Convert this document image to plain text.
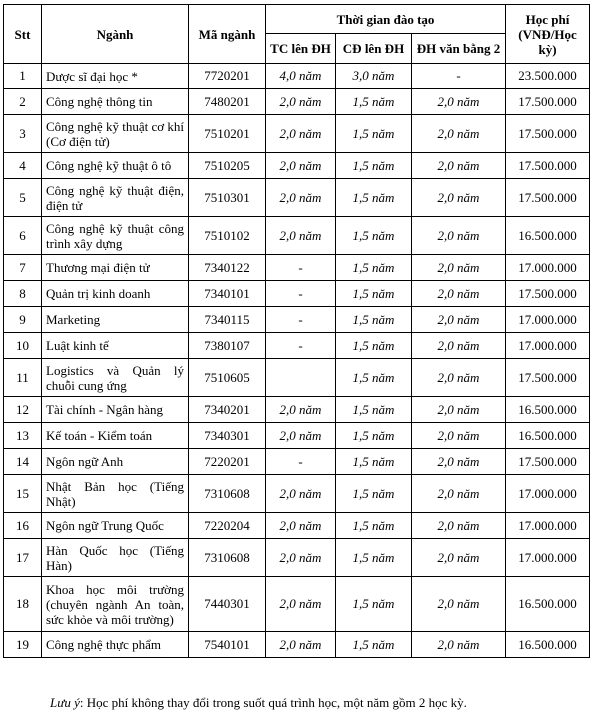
Stt	Ngành	Mã ngành	Thời gian đào tạo			Học phí (VNĐ/Học kỳ)
			TC lên ĐH	CĐ lên ĐH	ĐH văn bằng 2	
1	Dược sĩ đại học *	7720201	4,0 năm	3,0 năm	-	23.500.000
2	Công nghệ thông tin	7480201	2,0 năm	1,5 năm	2,0 năm	17.500.000
3	Công nghệ kỹ thuật cơ khí (Cơ điện tử)	7510201	2,0 năm	1,5 năm	2,0 năm	17.500.000
4	Công nghệ kỹ thuật ô tô	7510205	2,0 năm	1,5 năm	2,0 năm	17.500.000
5	Công nghệ kỹ thuật điện, điện tử	7510301	2,0 năm	1,5 năm	2,0 năm	17.500.000
6	Công nghệ kỹ thuật công trình xây dựng	7510102	2,0 năm	1,5 năm	2,0 năm	16.500.000
7	Thương mại điện tử	7340122	-	1,5 năm	2,0 năm	17.000.000
8	Quản trị kinh doanh	7340101	-	1,5 năm	2,0 năm	17.500.000
9	Marketing	7340115	-	1,5 năm	2,0 năm	17.000.000
10	Luật kinh tế	7380107	-	1,5 năm	2,0 năm	17.000.000
11	Logistics và Quản lý chuỗi cung ứng	7510605		1,5 năm	2,0 năm	17.500.000
12	Tài chính - Ngân hàng	7340201	2,0 năm	1,5 năm	2,0 năm	16.500.000
13	Kế toán - Kiểm toán	7340301	2,0 năm	1,5 năm	2,0 năm	16.500.000
14	Ngôn ngữ Anh	7220201	-	1,5 năm	2,0 năm	17.500.000
15	Nhật Bản học (Tiếng Nhật)	7310608	2,0 năm	1,5 năm	2,0 năm	17.000.000
16	Ngôn ngữ Trung Quốc	7220204	2,0 năm	1,5 năm	2,0 năm	17.000.000
17	Hàn Quốc học (Tiếng Hàn)	7310608	2,0 năm	1,5 năm	2,0 năm	17.000.000
18	Khoa học môi trường (chuyên ngành An toàn, sức khỏe và môi trường)	7440301	2,0 năm	1,5 năm	2,0 năm	16.500.000
19	Công nghệ thực phẩm	7540101	2,0 năm	1,5 năm	2,0 năm	16.500.000
Lưu ý: Học phí không thay đổi trong suốt quá trình học, một năm gồm 2 học kỳ.
